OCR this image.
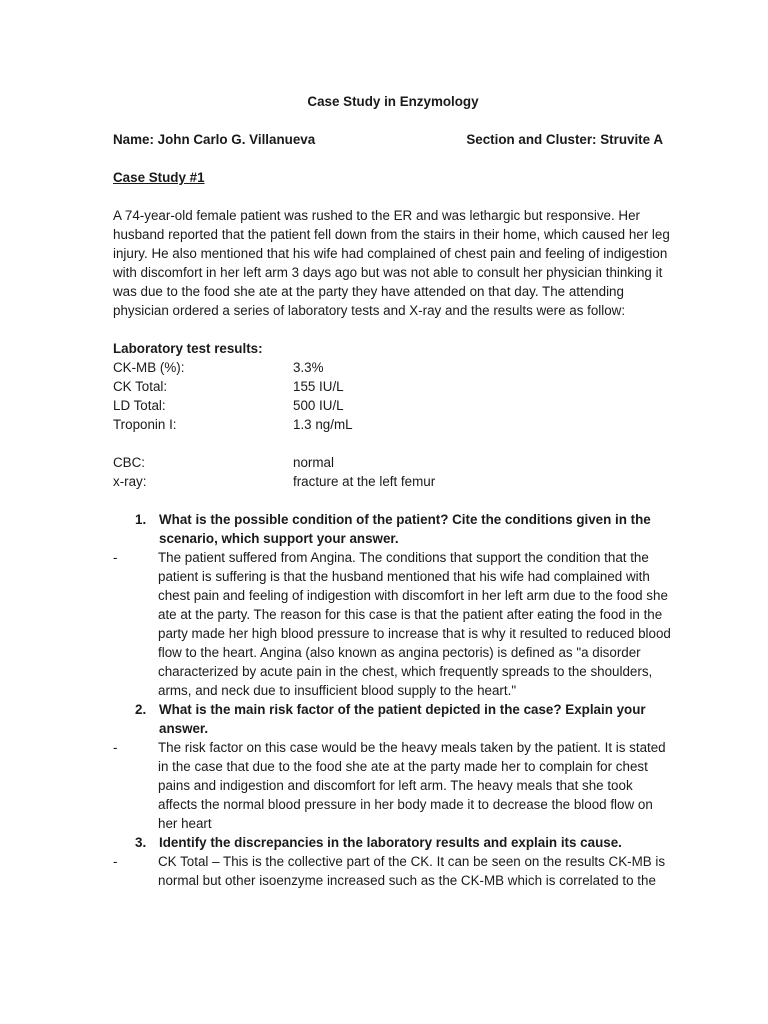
Case Study in Enzymology
Name: John Carlo G. Villanueva	Section and Cluster: Struvite A
Case Study #1

A 74-year-old female patient was rushed to the ER and was lethargic but responsive. Her husband reported that the patient fell down from the stairs in their home, which caused her leg injury. He also mentioned that his wife had complained of chest pain and feeling of indigestion with discomfort in her left arm 3 days ago but was not able to consult her physician thinking it was due to the food she ate at the party they have attended on that day. The attending physician ordered a series of laboratory tests and X-ray and the results were as follow:

Laboratory test results:
CK-MB (%):	3.3%
CK Total:	155 IU/L
LD Total:	500 IU/L
Troponin I:	1.3 ng/mL
CBC:	normal
x-ray:	fracture at the left femur
1. What is the possible condition of the patient? Cite the conditions given in the scenario, which support your answer.
-	The patient suffered from Angina. The conditions that support the condition that the patient is suffering is that the husband mentioned that his wife had complained with chest pain and feeling of indigestion with discomfort in her left arm due to the food she ate at the party. The reason for this case is that the patient after eating the food in the party made her high blood pressure to increase that is why it resulted to reduced blood flow to the heart. Angina (also known as angina pectoris) is defined as "a disorder characterized by acute pain in the chest, which frequently spreads to the shoulders, arms, and neck due to insufficient blood supply to the heart."
2. What is the main risk factor of the patient depicted in the case? Explain your answer.
-	The risk factor on this case would be the heavy meals taken by the patient. It is stated in the case that due to the food she ate at the party made her to complain for chest pains and indigestion and discomfort for left arm. The heavy meals that she took affects the normal blood pressure in her body made it to decrease the blood flow on her heart
3. Identify the discrepancies in the laboratory results and explain its cause.
-	CK Total – This is the collective part of the CK. It can be seen on the results CK-MB is normal but other isoenzyme increased such as the CK-MB which is correlated to the
